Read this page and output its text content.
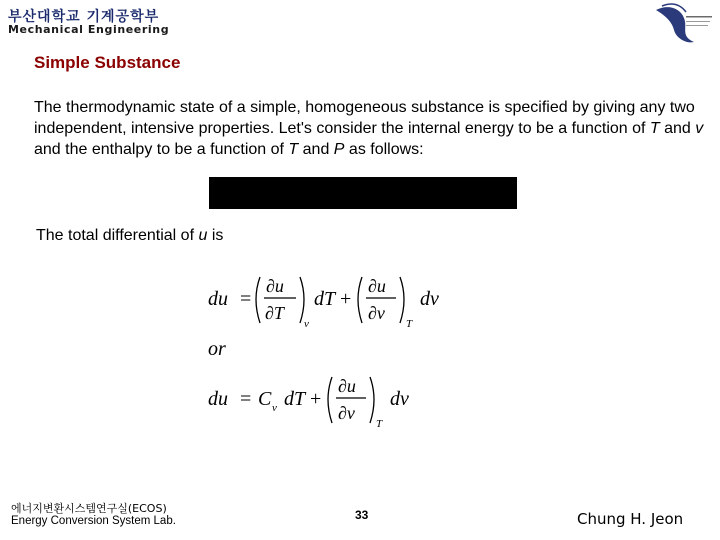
부산대학교 기계공학부
Mechanical Engineering
Simple Substance
The thermodynamic state of a simple, homogeneous substance is specified by giving any two independent, intensive properties. Let's consider the internal energy to be a function of T and v and the enthalpy to be a function of T and P as follows:
The total differential of u is
du =
∂u
∂T
v
dT +
∂u
∂v
T
dv
or
du = C v dT +
∂u
∂v
T
dv
에너지변환시스템연구실(ECOS)
Energy Conversion System Lab.	33	Chung H. Jeon
